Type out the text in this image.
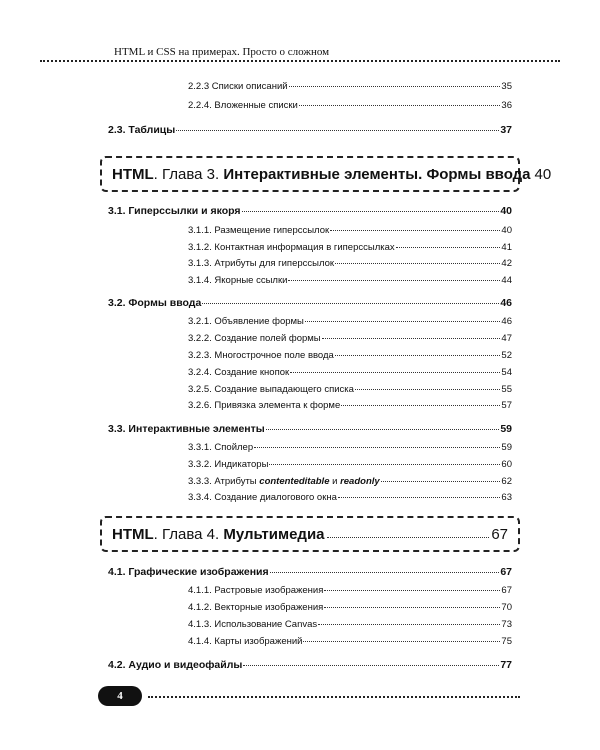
HTML и CSS на примерах. Просто о сложном
2.2.3 Списки описаний	35
2.2.4. Вложенные списки	36
2.3. Таблицы	37
HTML . Глава 3. Интерактивные элементы. Формы ввода 40
3.1. Гиперссылки и якоря	40
3.1.1. Размещение гиперссылок	40
3.1.2. Контактная информация в гиперссылках	41
3.1.3. Атрибуты для гиперссылок	42
3.1.4. Якорные ссылки	44
3.2. Формы ввода	46
3.2.1. Объявление формы	46
3.2.2. Создание полей формы	47
3.2.3. Многострочное поле ввода	52
3.2.4. Создание кнопок	54
3.2.5. Создание выпадающего списка	55
3.2.6. Привязка элемента к форме	57
3.3. Интерактивные элементы	59
3.3.1. Спойлер	59
3.3.2. Индикаторы	60
3.3.3. Атрибуты contenteditable и readonly	62
3.3.4. Создание диалогового окна	63
HTML . Глава 4. Мультимедиа	67
4.1. Графические изображения	67
4.1.1. Растровые изображения	67
4.1.2. Векторные изображения	70
4.1.3. Использование Canvas	73
4.1.4. Карты изображений	75
4.2. Аудио и видеофайлы	77
4
